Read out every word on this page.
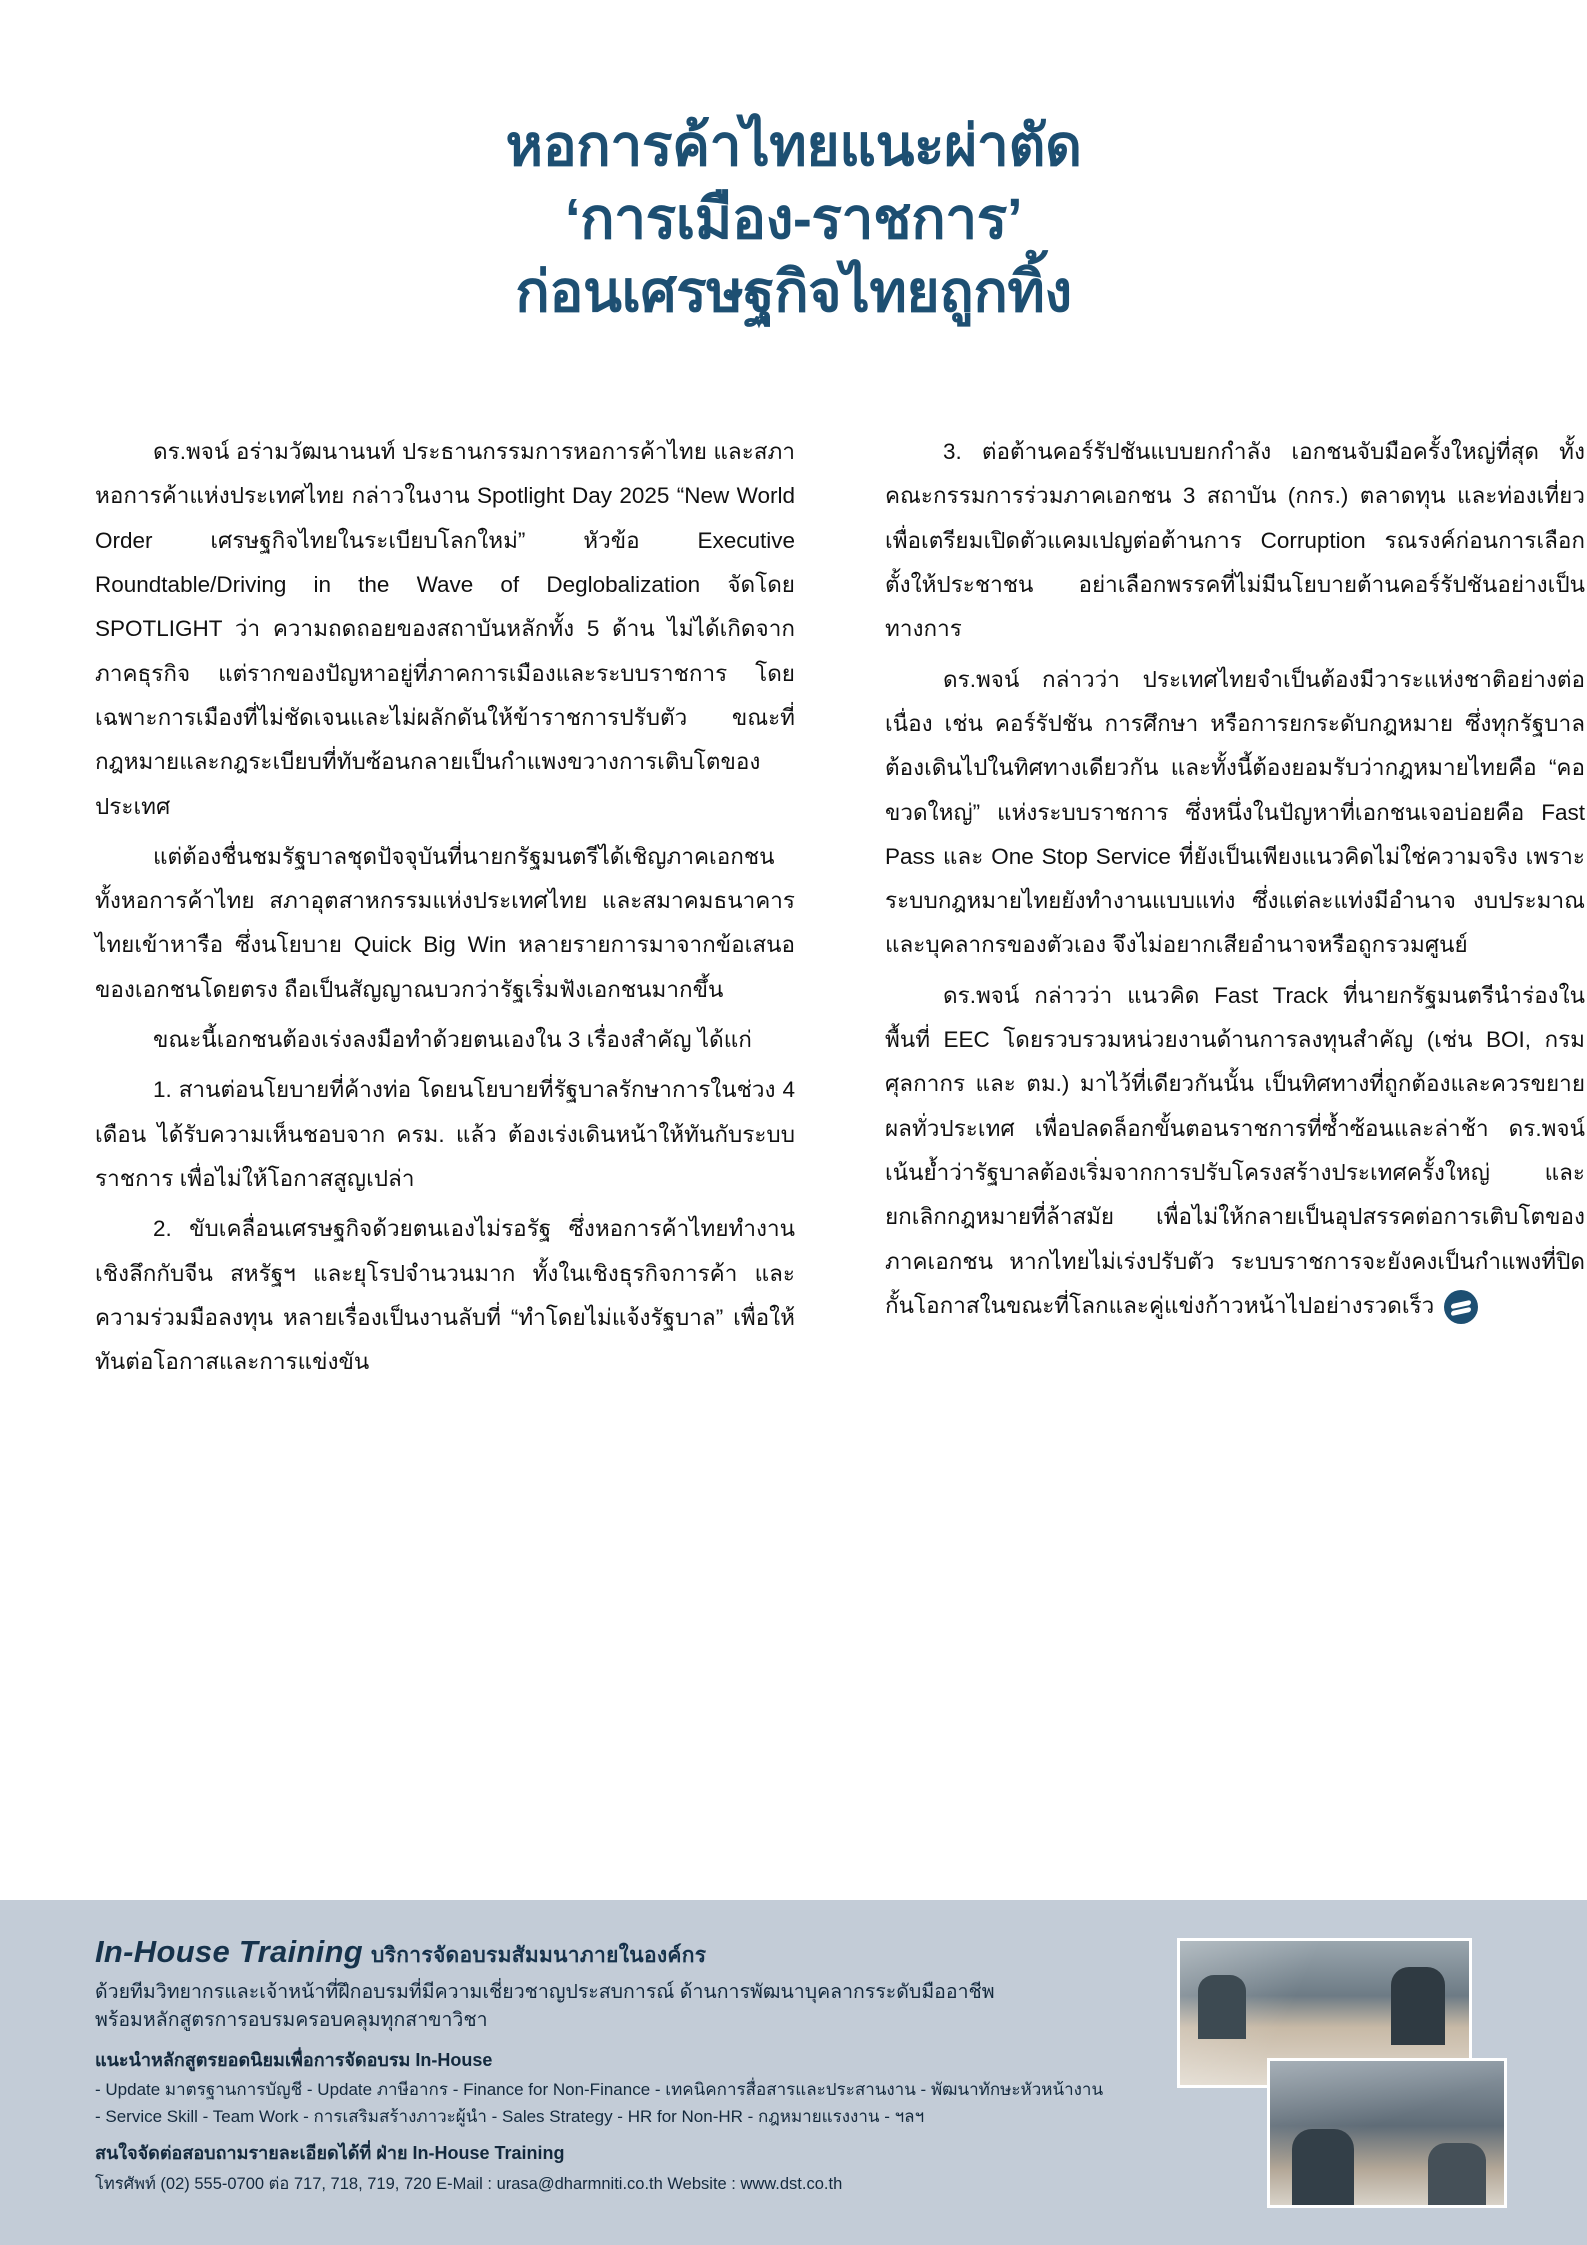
หอการค้าไทยแนะผ่าตัด
‘การเมือง-ราชการ’
ก่อนเศรษฐกิจไทยถูกทิ้ง

ดร.พจน์ อร่ามวัฒนานนท์ ประธานกรรมการหอการค้าไทย และสภาหอการค้าแห่งประเทศไทย กล่าวในงาน Spotlight Day 2025 “New World Order เศรษฐกิจไทยในระเบียบโลกใหม่” หัวข้อ Executive Roundtable/Driving in the Wave of Deglobalization จัดโดย SPOTLIGHT ว่า ความถดถอยของสถาบันหลักทั้ง 5 ด้าน ไม่ได้เกิดจากภาคธุรกิจ แต่รากของปัญหาอยู่ที่ภาคการเมืองและระบบราชการ โดยเฉพาะการเมืองที่ไม่ชัดเจนและไม่ผลักดันให้ข้าราชการปรับตัว ขณะที่กฎหมายและกฎระเบียบที่ทับซ้อนกลายเป็นกำแพงขวางการเติบโตของประเทศ

แต่ต้องชื่นชมรัฐบาลชุดปัจจุบันที่นายกรัฐมนตรีได้เชิญภาคเอกชน ทั้งหอการค้าไทย สภาอุตสาหกรรมแห่งประเทศไทย และสมาคมธนาคารไทยเข้าหารือ ซึ่งนโยบาย Quick Big Win หลายรายการมาจากข้อเสนอของเอกชนโดยตรง ถือเป็นสัญญาณบวกว่ารัฐเริ่มฟังเอกชนมากขึ้น

ขณะนี้เอกชนต้องเร่งลงมือทำด้วยตนเองใน 3 เรื่องสำคัญ ได้แก่

1. สานต่อนโยบายที่ค้างท่อ โดยนโยบายที่รัฐบาลรักษาการในช่วง 4 เดือน ได้รับความเห็นชอบจาก ครม. แล้ว ต้องเร่งเดินหน้าให้ทันกับระบบราชการ เพื่อไม่ให้โอกาสสูญเปล่า

2. ขับเคลื่อนเศรษฐกิจด้วยตนเองไม่รอรัฐ ซึ่งหอการค้าไทยทำงานเชิงลึกกับจีน สหรัฐฯ และยุโรปจำนวนมาก ทั้งในเชิงธุรกิจการค้า และความร่วมมือลงทุน หลายเรื่องเป็นงานลับที่ “ทำโดยไม่แจ้งรัฐบาล” เพื่อให้ทันต่อโอกาสและการแข่งขัน

3. ต่อต้านคอร์รัปชันแบบยกกำลัง เอกชนจับมือครั้งใหญ่ที่สุด ทั้งคณะกรรมการร่วมภาคเอกชน 3 สถาบัน (กกร.) ตลาดทุน และท่องเที่ยว เพื่อเตรียมเปิดตัวแคมเปญต่อต้านการ Corruption รณรงค์ก่อนการเลือกตั้งให้ประชาชน อย่าเลือกพรรคที่ไม่มีนโยบายต้านคอร์รัปชันอย่างเป็นทางการ

ดร.พจน์ กล่าวว่า ประเทศไทยจำเป็นต้องมีวาระแห่งชาติอย่างต่อเนื่อง เช่น คอร์รัปชัน การศึกษา หรือการยกระดับกฎหมาย ซึ่งทุกรัฐบาลต้องเดินไปในทิศทางเดียวกัน และทั้งนี้ต้องยอมรับว่ากฎหมายไทยคือ “คอขวดใหญ่” แห่งระบบราชการ ซึ่งหนึ่งในปัญหาที่เอกชนเจอบ่อยคือ Fast Pass และ One Stop Service ที่ยังเป็นเพียงแนวคิดไม่ใช่ความจริง เพราะระบบกฎหมายไทยยังทำงานแบบแท่ง ซึ่งแต่ละแท่งมีอำนาจ งบประมาณ และบุคลากรของตัวเอง จึงไม่อยากเสียอำนาจหรือถูกรวมศูนย์

ดร.พจน์ กล่าวว่า แนวคิด Fast Track ที่นายกรัฐมนตรีนำร่องในพื้นที่ EEC โดยรวบรวมหน่วยงานด้านการลงทุนสำคัญ (เช่น BOI, กรมศุลกากร และ ตม.) มาไว้ที่เดียวกันนั้น เป็นทิศทางที่ถูกต้องและควรขยายผลทั่วประเทศ เพื่อปลดล็อกขั้นตอนราชการที่ซ้ำซ้อนและล่าช้า ดร.พจน์เน้นย้ำว่ารัฐบาลต้องเริ่มจากการปรับโครงสร้างประเทศครั้งใหญ่ และยกเลิกกฎหมายที่ล้าสมัย เพื่อไม่ให้กลายเป็นอุปสรรคต่อการเติบโตของภาคเอกชน หากไทยไม่เร่งปรับตัว ระบบราชการจะยังคงเป็นกำแพงที่ปิดกั้นโอกาสในขณะที่โลกและคู่แข่งก้าวหน้าไปอย่างรวดเร็ว

In-House Training บริการจัดอบรมสัมมนาภายในองค์กร
ด้วยทีมวิทยากรและเจ้าหน้าที่ฝึกอบรมที่มีความเชี่ยวชาญประสบการณ์ ด้านการพัฒนาบุคลากรระดับมืออาชีพ
พร้อมหลักสูตรการอบรมครอบคลุมทุกสาขาวิชา
แนะนำหลักสูตรยอดนิยมเพื่อการจัดอบรม In-House
- Update มาตรฐานการบัญชี - Update ภาษีอากร - Finance for Non-Finance - เทคนิคการสื่อสารและประสานงาน - พัฒนาทักษะหัวหน้างาน
- Service Skill - Team Work - การเสริมสร้างภาวะผู้นำ - Sales Strategy - HR for Non-HR - กฎหมายแรงงาน - ฯลฯ
สนใจจัดต่อสอบถามรายละเอียดได้ที่ ฝ่าย In-House Training
โทรศัพท์ (02) 555-0700 ต่อ 717, 718, 719, 720 E-Mail : urasa@dharmniti.co.th Website : www.dst.co.th
